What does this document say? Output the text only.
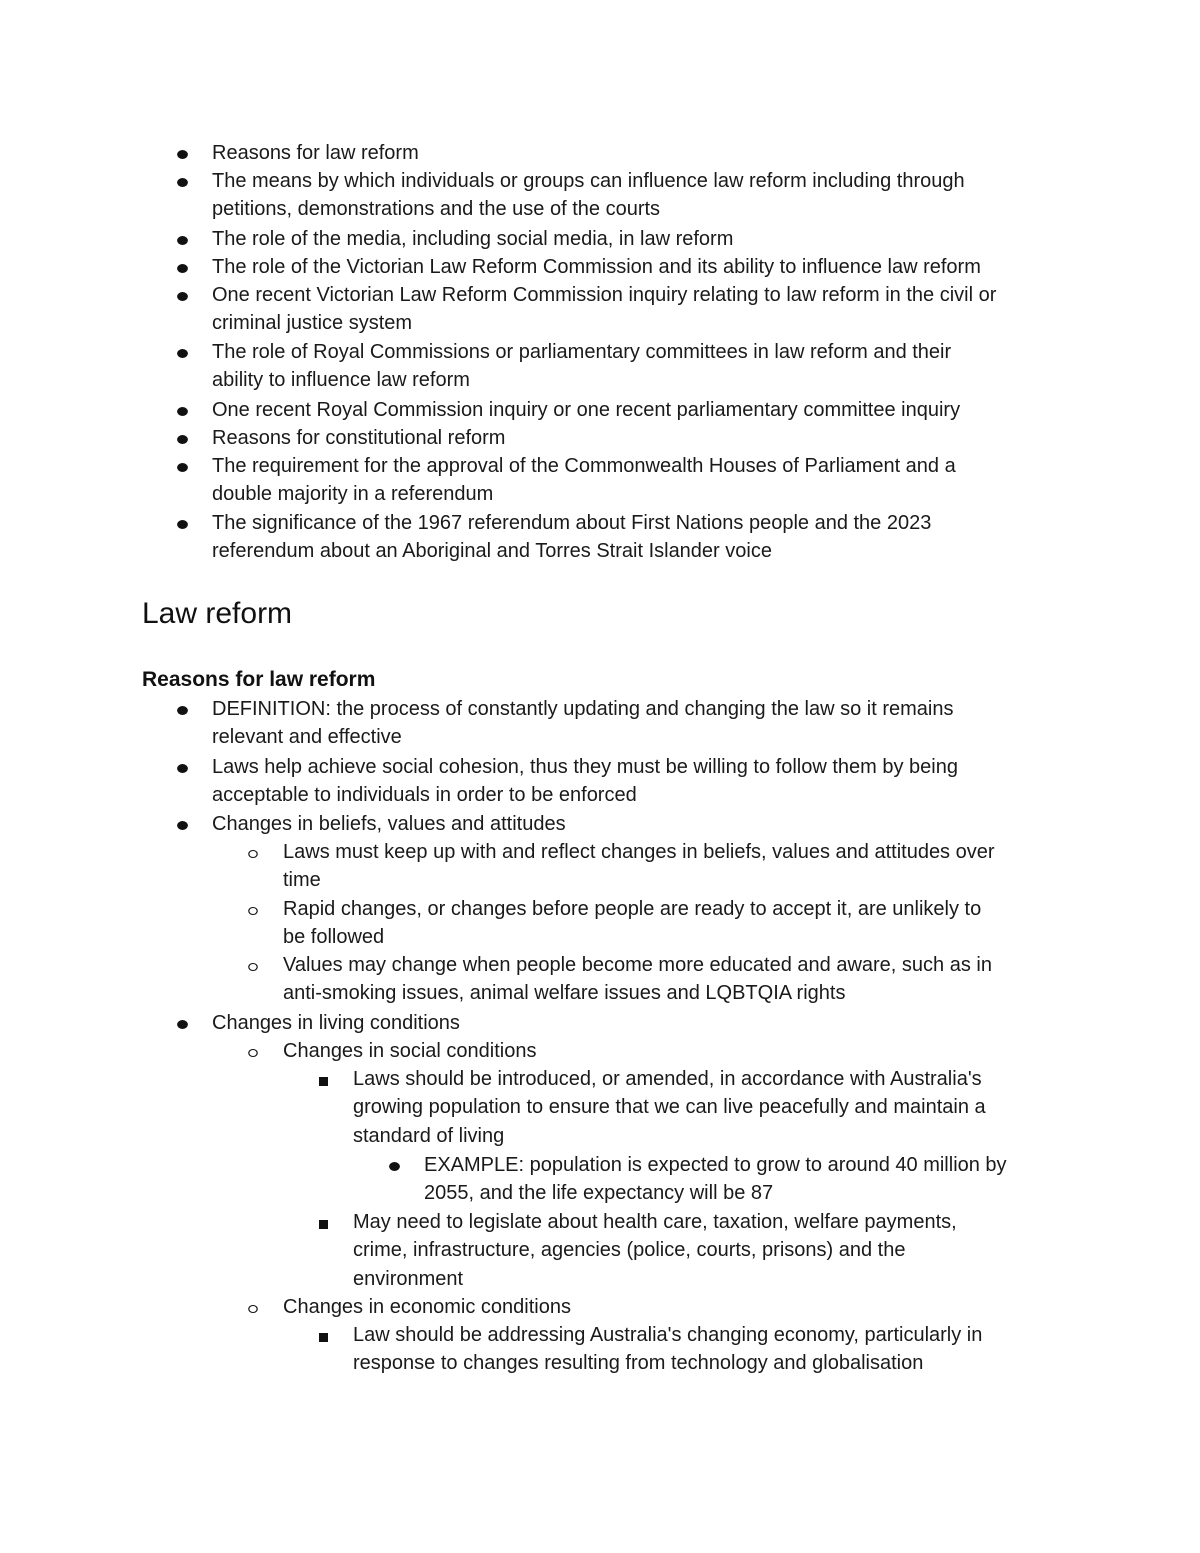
Reasons for law reform
The means by which individuals or groups can influence law reform including through
petitions, demonstrations and the use of the courts
The role of the media, including social media, in law reform
The role of the Victorian Law Reform Commission and its ability to influence law reform
One recent Victorian Law Reform Commission inquiry relating to law reform in the civil or
criminal justice system
The role of Royal Commissions or parliamentary committees in law reform and their
ability to influence law reform
One recent Royal Commission inquiry or one recent parliamentary committee inquiry
Reasons for constitutional reform
The requirement for the approval of the Commonwealth Houses of Parliament and a
double majority in a referendum
The significance of the 1967 referendum about First Nations people and the 2023
referendum about an Aboriginal and Torres Strait Islander voice
Law reform
Reasons for law reform
DEFINITION: the process of constantly updating and changing the law so it remains
relevant and effective
Laws help achieve social cohesion, thus they must be willing to follow them by being
acceptable to individuals in order to be enforced
Changes in beliefs, values and attitudes
Laws must keep up with and reflect changes in beliefs, values and attitudes over
time
Rapid changes, or changes before people are ready to accept it, are unlikely to
be followed
Values may change when people become more educated and aware, such as in
anti-smoking issues, animal welfare issues and LQBTQIA rights
Changes in living conditions
Changes in social conditions
Laws should be introduced, or amended, in accordance with Australia's
growing population to ensure that we can live peacefully and maintain a
standard of living
EXAMPLE: population is expected to grow to around 40 million by
2055, and the life expectancy will be 87
May need to legislate about health care, taxation, welfare payments,
crime, infrastructure, agencies (police, courts, prisons) and the
environment
Changes in economic conditions
Law should be addressing Australia's changing economy, particularly in
response to changes resulting from technology and globalisation
